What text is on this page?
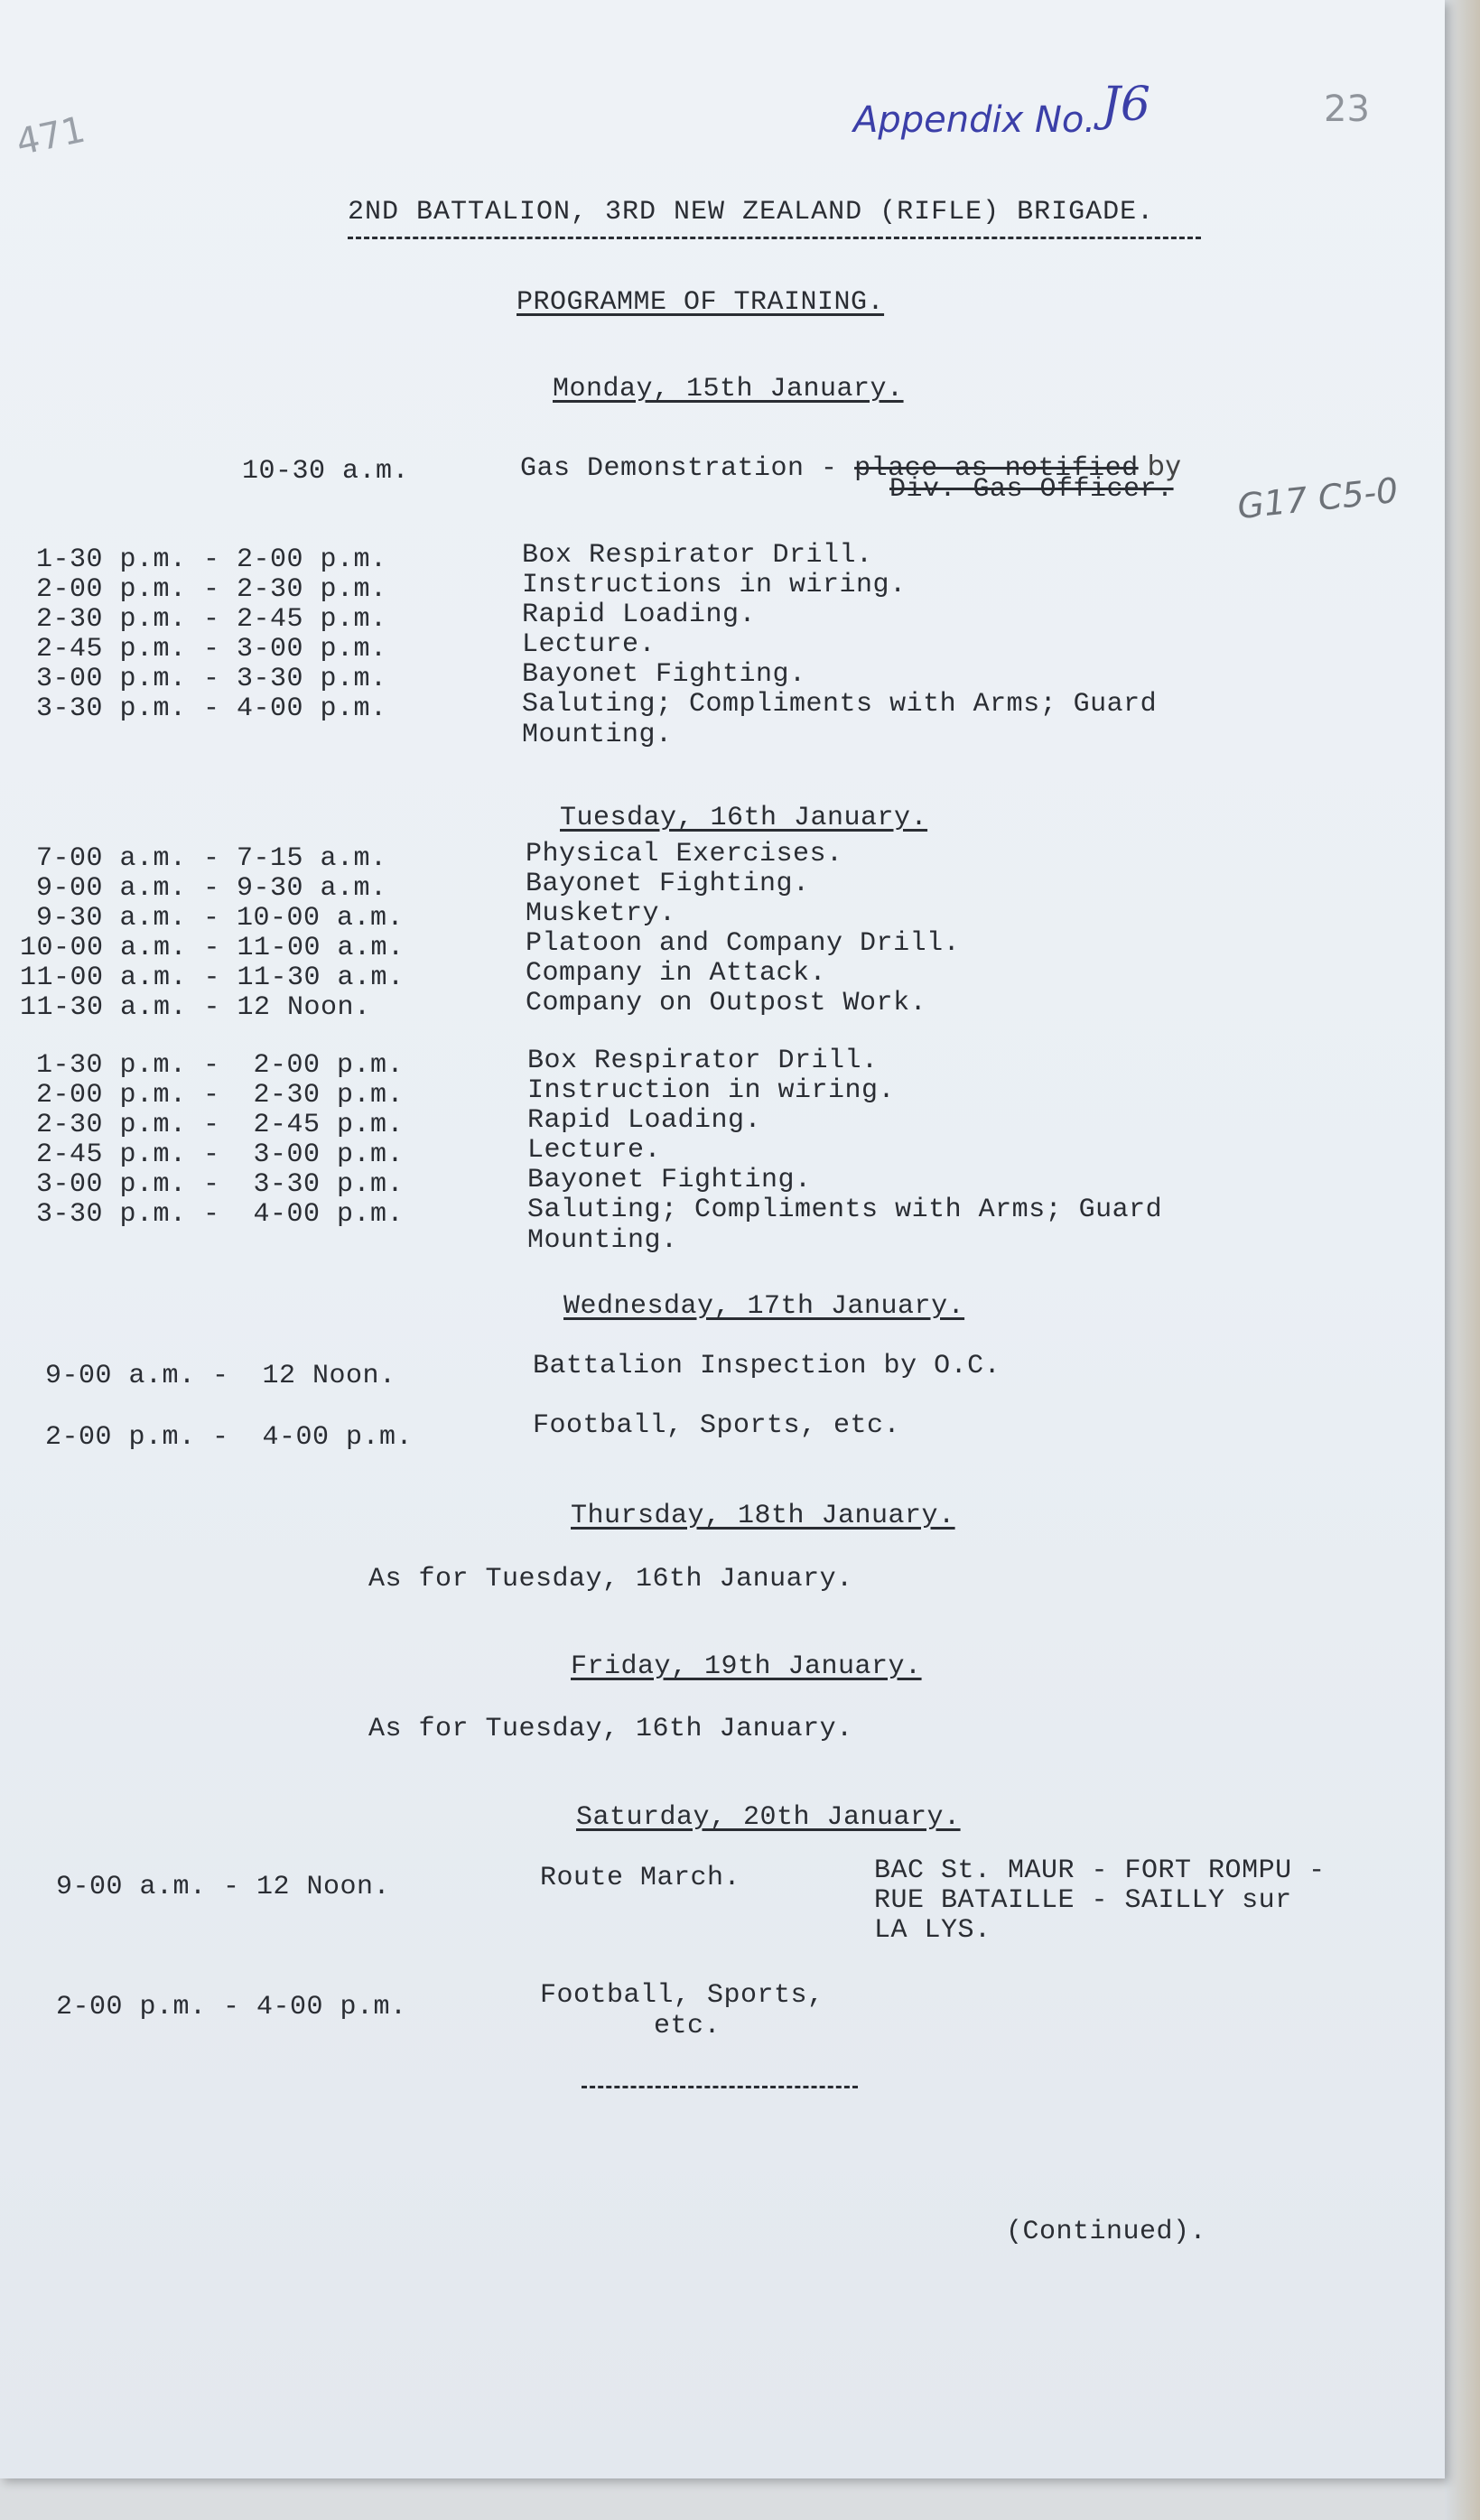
471	Appendix No. J6	23
G17 C5-0
2ND BATTALION, 3RD NEW ZEALAND (RIFLE) BRIGADE.
PROGRAMME OF TRAINING.
Monday, 15th January.
10-30 a.m.	Gas Demonstration - place as notified by
Div. Gas Officer.
1-30 p.m. - 2-00 p.m.	Box Respirator Drill.
2-00 p.m. - 2-30 p.m.	Instructions in wiring.
2-30 p.m. - 2-45 p.m.	Rapid Loading.
2-45 p.m. - 3-00 p.m.	Lecture.
3-00 p.m. - 3-30 p.m.	Bayonet Fighting.
3-30 p.m. - 4-00 p.m.	Saluting; Compliments with Arms; Guard
Mounting.
Tuesday, 16th January.
7-00 a.m. - 7-15 a.m.	Physical Exercises.
9-00 a.m. - 9-30 a.m.	Bayonet Fighting.
9-30 a.m. - 10-00 a.m.	Musketry.
10-00 a.m. - 11-00 a.m.	Platoon and Company Drill.
11-00 a.m. - 11-30 a.m.	Company in Attack.
11-30 a.m. - 12 Noon.	Company on Outpost Work.
1-30 p.m. -  2-00 p.m.	Box Respirator Drill.
2-00 p.m. -  2-30 p.m.	Instruction in wiring.
2-30 p.m. -  2-45 p.m.	Rapid Loading.
2-45 p.m. -  3-00 p.m.	Lecture.
3-00 p.m. -  3-30 p.m.	Bayonet Fighting.
3-30 p.m. -  4-00 p.m.	Saluting; Compliments with Arms; Guard
Mounting.
Wednesday, 17th January.
9-00 a.m. -  12 Noon.	Battalion Inspection by O.C.
2-00 p.m. -  4-00 p.m.	Football, Sports, etc.
Thursday, 18th January.
As for Tuesday, 16th January.
Friday, 19th January.
As for Tuesday, 16th January.
Saturday, 20th January.
9-00 a.m. - 12 Noon.	Route March.	BAC St. MAUR - FORT ROMPU -
RUE BATAILLE - SAILLY sur
LA LYS.
2-00 p.m. - 4-00 p.m.	Football, Sports,
etc.
(Continued).
